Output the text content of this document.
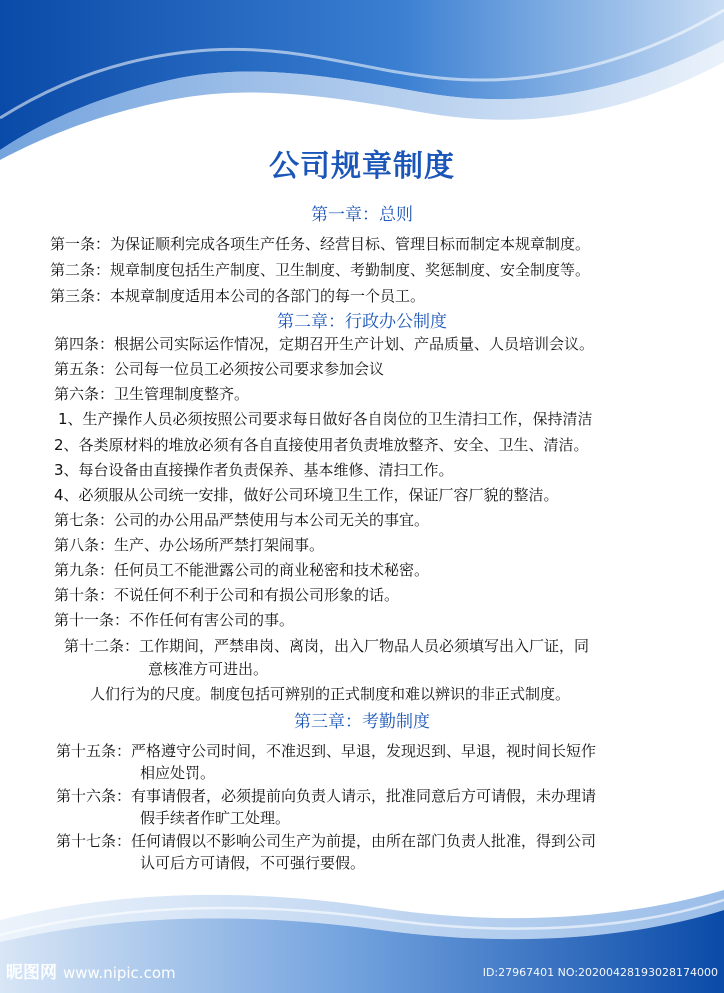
公司规章制度
第一章：总则
第一条：为保证顺利完成各项生产任务、经营目标、管理目标而制定本规章制度。
第二条：规章制度包括生产制度、卫生制度、考勤制度、奖惩制度、安全制度等。
第三条：本规章制度适用本公司的各部门的每一个员工。
第二章：行政办公制度
第四条：根据公司实际运作情况，定期召开生产计划、产品质量、人员培训会议。
第五条：公司每一位员工必须按公司要求参加会议
第六条：卫生管理制度整齐。
1、生产操作人员必须按照公司要求每日做好各自岗位的卫生清扫工作，保持清洁
2、各类原材料的堆放必须有各自直接使用者负责堆放整齐、安全、卫生、清洁。
3、每台设备由直接操作者负责保养、基本维修、清扫工作。
4、必须服从公司统一安排，做好公司环境卫生工作，保证厂容厂貌的整洁。
第七条：公司的办公用品严禁使用与本公司无关的事宜。
第八条：生产、办公场所严禁打架闹事。
第九条：任何员工不能泄露公司的商业秘密和技术秘密。
第十条：不说任何不利于公司和有损公司形象的话。
第十一条：不作任何有害公司的事。
第十二条：工作期间，严禁串岗、离岗，出入厂物品人员必须填写出入厂证，同
意核准方可进出。
人们行为的尺度。制度包括可辨别的正式制度和难以辨识的非正式制度。
第三章：考勤制度
第十五条：严格遵守公司时间，不准迟到、早退，发现迟到、早退，视时间长短作
相应处罚。
第十六条：有事请假者，必须提前向负责人请示，批准同意后方可请假，未办理请
假手续者作旷工处理。
第十七条：任何请假以不影响公司生产为前提，由所在部门负责人批准，得到公司
认可后方可请假，不可强行要假。
昵图网 www.nipic.com	ID:27967401 NO:20200428193028174000
